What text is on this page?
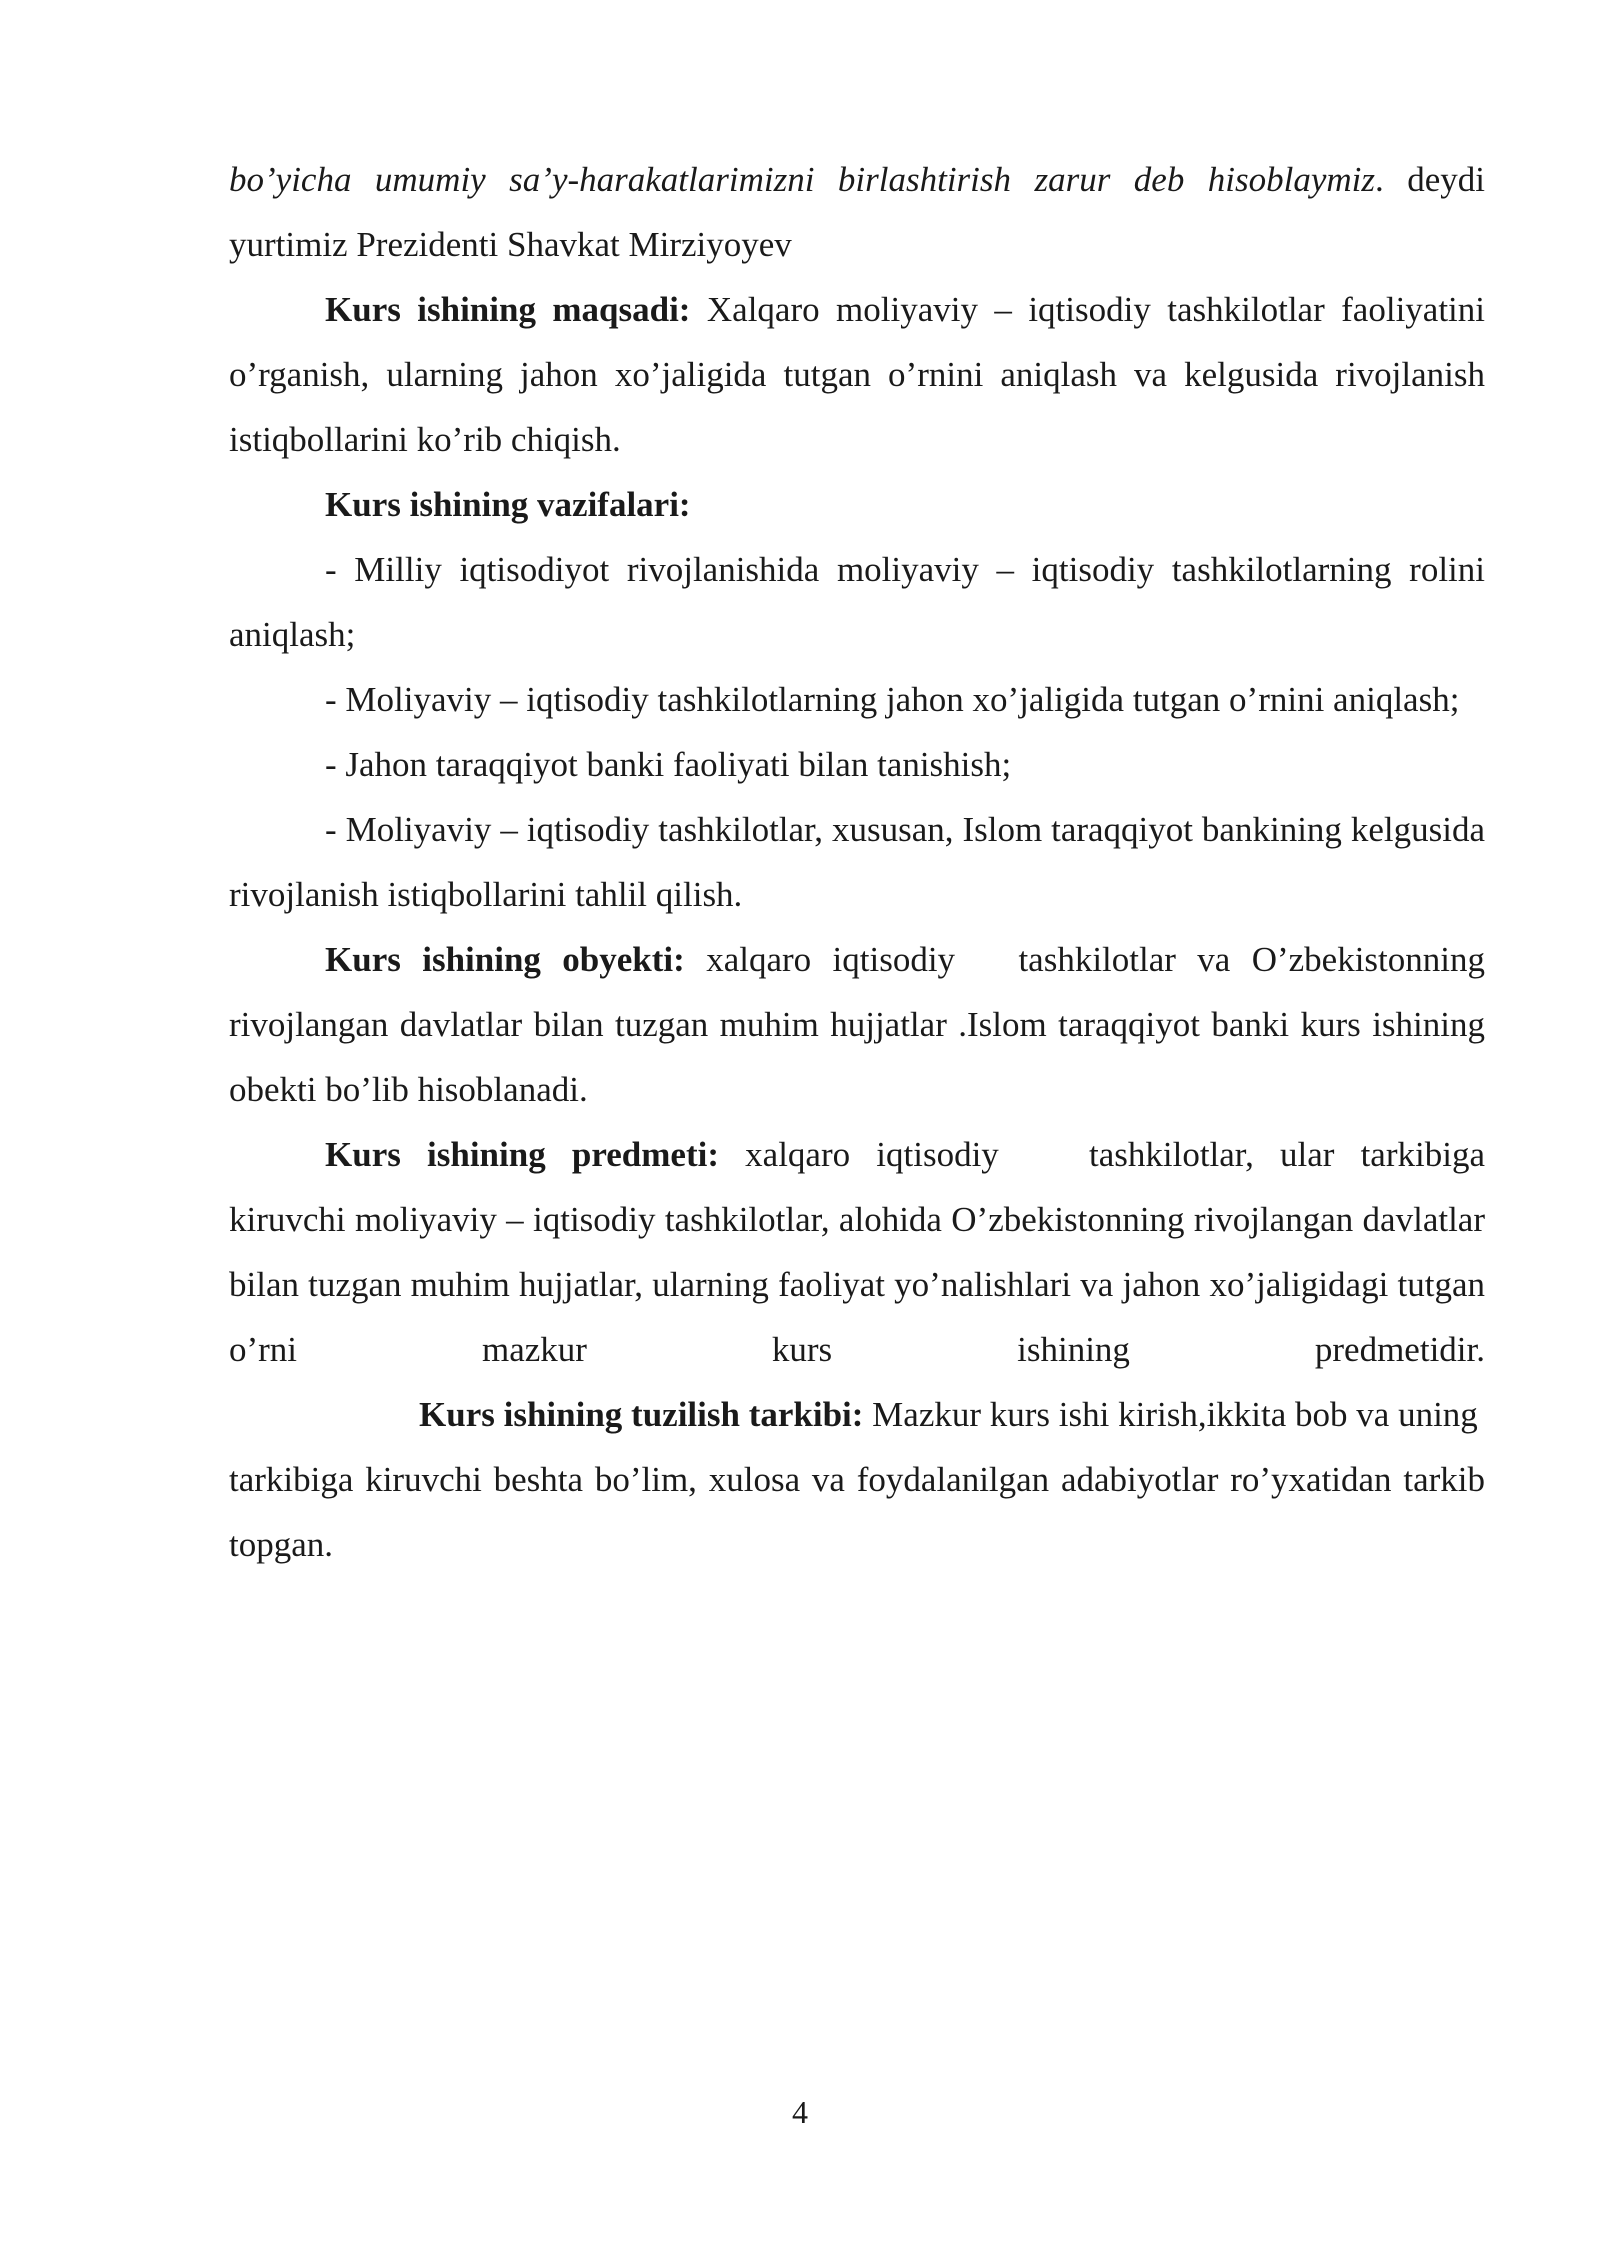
bo’yicha umumiy sa’y-harakatlarimizni birlashtirish zarur deb hisoblaymiz. deydi yurtimiz Prezidenti Shavkat Mirziyoyev

Kurs ishining maqsadi: Xalqaro moliyaviy – iqtisodiy tashkilotlar faoliyatini o’rganish, ularning jahon xo’jaligida tutgan o’rnini aniqlash va kelgusida rivojlanish istiqbollarini ko’rib chiqish.

Kurs ishining vazifalari:

- Milliy iqtisodiyot rivojlanishida moliyaviy – iqtisodiy tashkilotlarning rolini aniqlash;

- Moliyaviy – iqtisodiy tashkilotlarning jahon xo’jaligida tutgan o’rnini aniqlash;

- Jahon taraqqiyot banki faoliyati bilan tanishish;

- Moliyaviy – iqtisodiy tashkilotlar, xususan, Islom taraqqiyot bankining kelgusida rivojlanish istiqbollarini tahlil qilish.

Kurs ishining obyekti: xalqaro iqtisodiy tashkilotlar va O’zbekistonning rivojlangan davlatlar bilan tuzgan muhim hujjatlar .Islom taraqqiyot banki kurs ishining obekti bo’lib hisoblanadi.

Kurs ishining predmeti: xalqaro iqtisodiy	tashkilotlar, ular tarkibiga kiruvchi moliyaviy – iqtisodiy tashkilotlar, alohida O’zbekistonning rivojlangan davlatlar bilan tuzgan muhim hujjatlar, ularning faoliyat yo’nalishlari va jahon xo’jaligidagi tutgan o’rni mazkur kurs ishining predmetidir.

Kurs ishining tuzilish tarkibi: Mazkur kurs ishi kirish,ikkita bob va uning

tarkibiga kiruvchi beshta bo’lim, xulosa va foydalanilgan adabiyotlar ro’yxatidan tarkib topgan.

4
